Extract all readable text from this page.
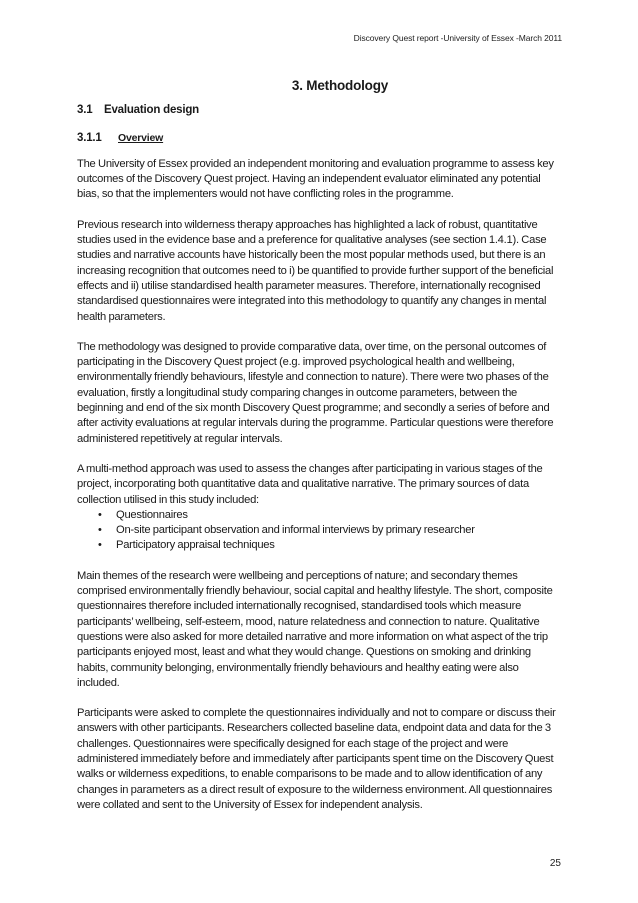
Discovery Quest report -University of Essex -March 2011
3. Methodology
3.1 Evaluation design
3.1.1 Overview

The University of Essex provided an independent monitoring and evaluation programme to assess key outcomes of the Discovery Quest project. Having an independent evaluator eliminated any potential bias, so that the implementers would not have conflicting roles in the programme.

Previous research into wilderness therapy approaches has highlighted a lack of robust, quantitative studies used in the evidence base and a preference for qualitative analyses (see section 1.4.1). Case studies and narrative accounts have historically been the most popular methods used, but there is an increasing recognition that outcomes need to i) be quantified to provide further support of the beneficial effects and ii) utilise standardised health parameter measures. Therefore, internationally recognised standardised questionnaires were integrated into this methodology to quantify any changes in mental health parameters.

The methodology was designed to provide comparative data, over time, on the personal outcomes of participating in the Discovery Quest project (e.g. improved psychological health and wellbeing, environmentally friendly behaviours, lifestyle and connection to nature). There were two phases of the evaluation, firstly a longitudinal study comparing changes in outcome parameters, between the beginning and end of the six month Discovery Quest programme; and secondly a series of before and after activity evaluations at regular intervals during the programme. Particular questions were therefore administered repetitively at regular intervals.

A multi-method approach was used to assess the changes after participating in various stages of the project, incorporating both quantitative data and qualitative narrative. The primary sources of data collection utilised in this study included:

• Questionnaires
• On-site participant observation and informal interviews by primary researcher
• Participatory appraisal techniques

Main themes of the research were wellbeing and perceptions of nature; and secondary themes comprised environmentally friendly behaviour, social capital and healthy lifestyle. The short, composite questionnaires therefore included internationally recognised, standardised tools which measure participants’ wellbeing, self-esteem, mood, nature relatedness and connection to nature. Qualitative questions were also asked for more detailed narrative and more information on what aspect of the trip participants enjoyed most, least and what they would change. Questions on smoking and drinking habits, community belonging, environmentally friendly behaviours and healthy eating were also included.

Participants were asked to complete the questionnaires individually and not to compare or discuss their answers with other participants. Researchers collected baseline data, endpoint data and data for the 3 challenges. Questionnaires were specifically designed for each stage of the project and were administered immediately before and immediately after participants spent time on the Discovery Quest walks or wilderness expeditions, to enable comparisons to be made and to allow identification of any changes in parameters as a direct result of exposure to the wilderness environment. All questionnaires were collated and sent to the University of Essex for independent analysis.

25
